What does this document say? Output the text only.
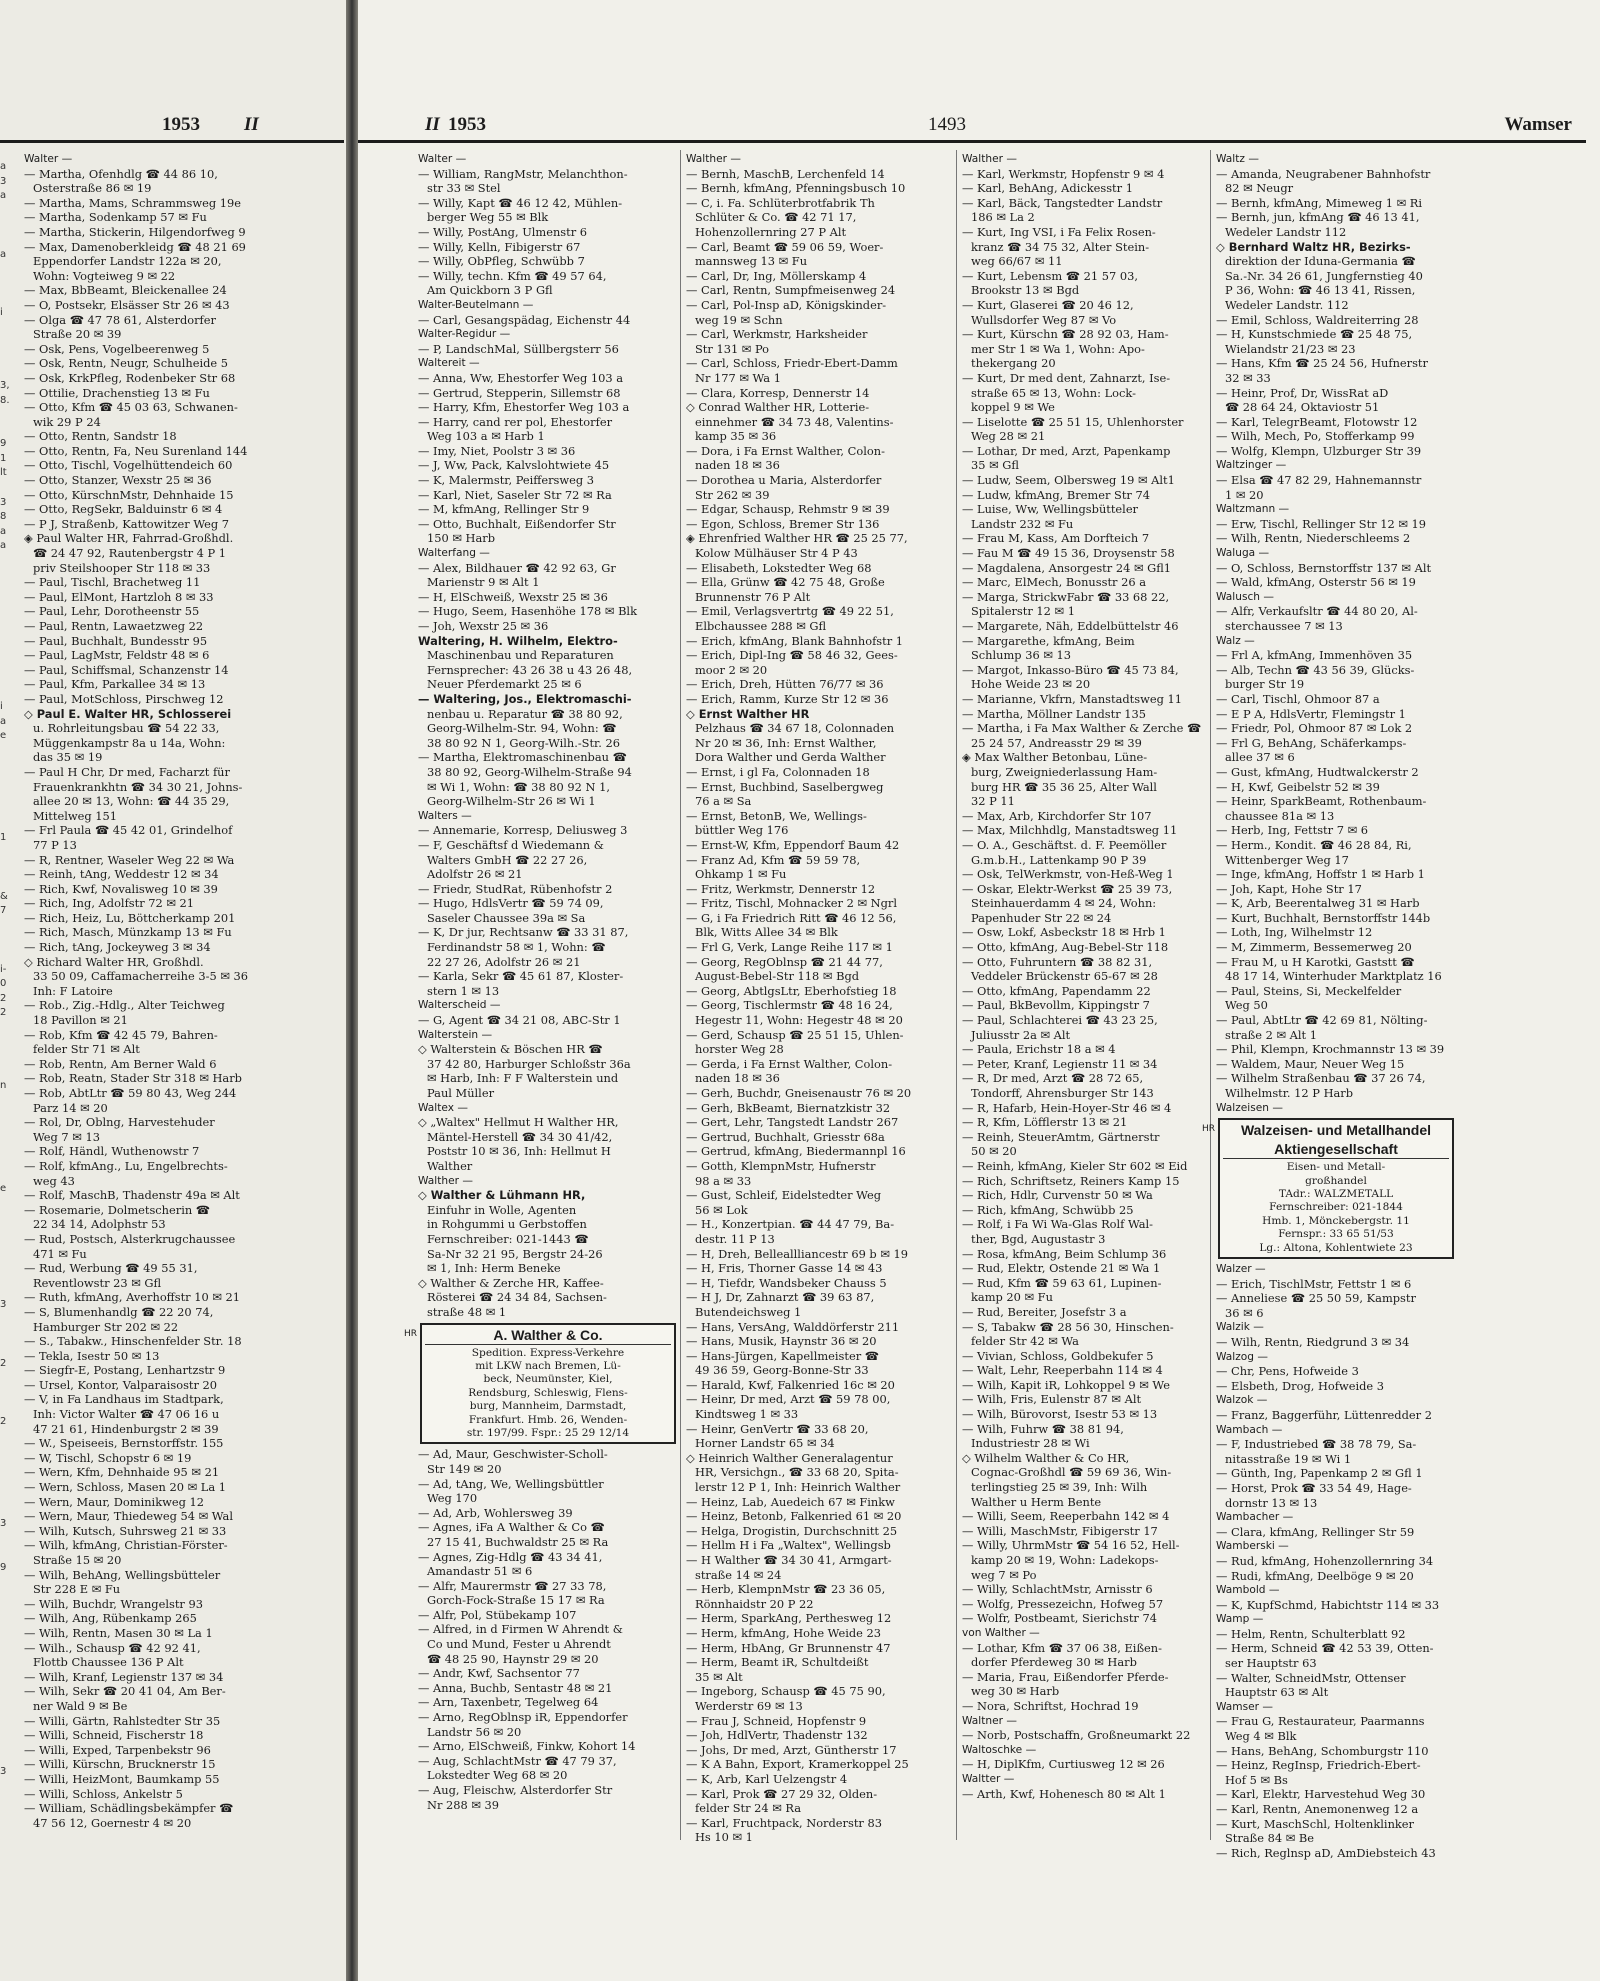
1953 II
a
3
a

a

i

3,
8.

9
1
lt

3
8
a
a

i
a
e

1

&
7

i-
0
2
2

n

e

3

2

2

3

9

3
Walter —
— Martha, Ofenhdlg ☎ 44 86 10,
Osterstraße 86 ✉ 19
— Martha, Mams, Schrammsweg 19e
— Martha, Sodenkamp 57 ✉ Fu
— Martha, Stickerin, Hilgendorfweg 9
— Max, Damenoberkleidg ☎ 48 21 69
Eppendorfer Landstr 122a ✉ 20,
Wohn: Vogteiweg 9 ✉ 22
— Max, BbBeamt, Bleickenallee 24
— O, Postsekr, Elsässer Str 26 ✉ 43
— Olga ☎ 47 78 61, Alsterdorfer
Straße 20 ✉ 39
— Osk, Pens, Vogelbeerenweg 5
— Osk, Rentn, Neugr, Schulheide 5
— Osk, KrkPfleg, Rodenbeker Str 68
— Ottilie, Drachenstieg 13 ✉ Fu
— Otto, Kfm ☎ 45 03 63, Schwanen-
wik 29 P 24
— Otto, Rentn, Sandstr 18
— Otto, Rentn, Fa, Neu Surenland 144
— Otto, Tischl, Vogelhüttendeich 60
— Otto, Stanzer, Wexstr 25 ✉ 36
— Otto, KürschnMstr, Dehnhaide 15
— Otto, RegSekr, Balduinstr 6 ✉ 4
— P J, Straßenb, Kattowitzer Weg 7
◈ Paul Walter HR, Fahrrad-Großhdl.
☎ 24 47 92, Rautenbergstr 4 P 1
priv Steilshooper Str 118 ✉ 33
— Paul, Tischl, Brachetweg 11
— Paul, ElMont, Hartzloh 8 ✉ 33
— Paul, Lehr, Dorotheenstr 55
— Paul, Rentn, Lawaetzweg 22
— Paul, Buchhalt, Bundesstr 95
— Paul, LagMstr, Feldstr 48 ✉ 6
— Paul, Schiffsmal, Schanzenstr 14
— Paul, Kfm, Parkallee 34 ✉ 13
— Paul, MotSchloss, Pirschweg 12
◇ Paul E. Walter HR, Schlosserei
u. Rohrleitungsbau ☎ 54 22 33,
Müggenkampstr 8a u 14a, Wohn:
das 35 ✉ 19
— Paul H Chr, Dr med, Facharzt für
Frauenkrankhtn ☎ 34 30 21, Johns-
allee 20 ✉ 13, Wohn: ☎ 44 35 29,
Mittelweg 151
— Frl Paula ☎ 45 42 01, Grindelhof
77 P 13
— R, Rentner, Waseler Weg 22 ✉ Wa
— Reinh, tAng, Weddestr 12 ✉ 34
— Rich, Kwf, Novalisweg 10 ✉ 39
— Rich, Ing, Adolfstr 72 ✉ 21
— Rich, Heiz, Lu, Böttcherkamp 201
— Rich, Masch, Münzkamp 13 ✉ Fu
— Rich, tAng, Jockeyweg 3 ✉ 34
◇ Richard Walter HR, Großhdl.
33 50 09, Caffamacherreihe 3-5 ✉ 36
Inh: F Latoire
— Rob., Zig.-Hdlg., Alter Teichweg
18 Pavillon ✉ 21
— Rob, Kfm ☎ 42 45 79, Bahren-
felder Str 71 ✉ Alt
— Rob, Rentn, Am Berner Wald 6
— Rob, Reatn, Stader Str 318 ✉ Harb
— Rob, AbtLtr ☎ 59 80 43, Weg 244
Parz 14 ✉ 20
— Rol, Dr, Oblng, Harvestehuder
Weg 7 ✉ 13
— Rolf, Händl, Wuthenowstr 7
— Rolf, kfmAng., Lu, Engelbrechts-
weg 43
— Rolf, MaschB, Thadenstr 49a ✉ Alt
— Rosemarie, Dolmetscherin ☎
22 34 14, Adolphstr 53
— Rud, Postsch, Alsterkrugchaussee
471 ✉ Fu
— Rud, Werbung ☎ 49 55 31,
Reventlowstr 23 ✉ Gfl
— Ruth, kfmAng, Averhoffstr 10 ✉ 21
— S, Blumenhandlg ☎ 22 20 74,
Hamburger Str 202 ✉ 22
— S., Tabakw., Hinschenfelder Str. 18
— Tekla, Isestr 50 ✉ 13
— Siegfr-E, Postang, Lenhartzstr 9
— Ursel, Kontor, Valparaisostr 20
— V, in Fa Landhaus im Stadtpark,
Inh: Victor Walter ☎ 47 06 16 u
47 21 61, Hindenburgstr 2 ✉ 39
— W., Speiseeis, Bernstorffstr. 155
— W, Tischl, Schopstr 6 ✉ 19
— Wern, Kfm, Dehnhaide 95 ✉ 21
— Wern, Schloss, Masen 20 ✉ La 1
— Wern, Maur, Dominikweg 12
— Wern, Maur, Thiedeweg 54 ✉ Wal
— Wilh, Kutsch, Suhrsweg 21 ✉ 33
— Wilh, kfmAng, Christian-Förster-
Straße 15 ✉ 20
— Wilh, BehAng, Wellingsbütteler
Str 228 E ✉ Fu
— Wilh, Buchdr, Wrangelstr 93
— Wilh, Ang, Rübenkamp 265
— Wilh, Rentn, Masen 30 ✉ La 1
— Wilh., Schausp ☎ 42 92 41,
Flottb Chaussee 136 P Alt
— Wilh, Kranf, Legienstr 137 ✉ 34
— Wilh, Sekr ☎ 20 41 04, Am Ber-
ner Wald 9 ✉ Be
— Willi, Gärtn, Rahlstedter Str 35
— Willi, Schneid, Fischerstr 18
— Willi, Exped, Tarpenbekstr 96
— Willi, Kürschn, Brucknerstr 15
— Willi, HeizMont, Baumkamp 55
— Willi, Schloss, Ankelstr 5
— William, Schädlingsbekämpfer ☎
47 56 12, Goernestr 4 ✉ 20
II 1953	1493	Wamser
Walter —
— William, RangMstr, Melanchthon-
str 33 ✉ Stel
— Willy, Kapt ☎ 46 12 42, Mühlen-
berger Weg 55 ✉ Blk
— Willy, PostAng, Ulmenstr 6
— Willy, Kelln, Fibigerstr 67
— Willy, ObPfleg, Schwübb 7
— Willy, techn. Kfm ☎ 49 57 64,
Am Quickborn 3 P Gfl
Walter-Beutelmann —
— Carl, Gesangspädag, Eichenstr 44
Walter-Regidur —
— P, LandschMal, Süllbergsterr 56
Waltereit —
— Anna, Ww, Ehestorfer Weg 103 a
— Gertrud, Stepperin, Sillemstr 68
— Harry, Kfm, Ehestorfer Weg 103 a
— Harry, cand rer pol, Ehestorfer
Weg 103 a ✉ Harb 1
— Imy, Niet, Poolstr 3 ✉ 36
— J, Ww, Pack, Kalvslohtwiete 45
— K, Malermstr, Peiffersweg 3
— Karl, Niet, Saseler Str 72 ✉ Ra
— M, kfmAng, Rellinger Str 9
— Otto, Buchhalt, Eißendorfer Str
150 ✉ Harb
Walterfang —
— Alex, Bildhauer ☎ 42 92 63, Gr
Marienstr 9 ✉ Alt 1
— H, ElSchweiß, Wexstr 25 ✉ 36
— Hugo, Seem, Hasenhöhe 178 ✉ Blk
— Joh, Wexstr 25 ✉ 36
Waltering, H. Wilhelm, Elektro-
Maschinenbau und Reparaturen
Fernsprecher: 43 26 38 u 43 26 48,
Neuer Pferdemarkt 25 ✉ 6
— Waltering, Jos., Elektromaschi-
nenbau u. Reparatur ☎ 38 80 92,
Georg-Wilhelm-Str. 94, Wohn: ☎
38 80 92 N 1, Georg-Wilh.-Str. 26
— Martha, Elektromaschinenbau ☎
38 80 92, Georg-Wilhelm-Straße 94
✉ Wi 1, Wohn: ☎ 38 80 92 N 1,
Georg-Wilhelm-Str 26 ✉ Wi 1
Walters —
— Annemarie, Korresp, Deliusweg 3
— F, Geschäftsf d Wiedemann &
Walters GmbH ☎ 22 27 26,
Adolfstr 26 ✉ 21
— Friedr, StudRat, Rübenhofstr 2
— Hugo, HdlsVertr ☎ 59 74 09,
Saseler Chaussee 39a ✉ Sa
— K, Dr jur, Rechtsanw ☎ 33 31 87,
Ferdinandstr 58 ✉ 1, Wohn: ☎
22 27 26, Adolfstr 26 ✉ 21
— Karla, Sekr ☎ 45 61 87, Kloster-
stern 1 ✉ 13
Walterscheid —
— G, Agent ☎ 34 21 08, ABC-Str 1
Walterstein —
◇ Walterstein & Böschen HR ☎
37 42 80, Harburger Schloßstr 36a
✉ Harb, Inh: F F Walterstein und
Paul Müller
Waltex —
◇ „Waltex" Hellmut H Walther HR,
Mäntel-Herstell ☎ 34 30 41/42,
Poststr 10 ✉ 36, Inh: Hellmut H
Walther
Walther —
◇ Walther & Lühmann HR,
Einfuhr in Wolle, Agenten
in Rohgummi u Gerbstoffen
Fernschreiber: 021-1443 ☎
Sa-Nr 32 21 95, Bergstr 24-26
✉ 1, Inh: Herm Beneke
◇ Walther & Zerche HR, Kaffee-
Rösterei ☎ 24 34 84, Sachsen-
straße 48 ✉ 1
HR	A. Walther & Co.
Spedition. Express-Verkehre
mit LKW nach Bremen, Lü-
beck, Neumünster, Kiel,
Rendsburg, Schleswig, Flens-
burg, Mannheim, Darmstadt,
Frankfurt. Hmb. 26, Wenden-
str. 197/99. Fspr.: 25 29 12/14
— Ad, Maur, Geschwister-Scholl-
Str 149 ✉ 20
— Ad, tAng, We, Wellingsbüttler
Weg 170
— Ad, Arb, Wohlersweg 39
— Agnes, iFa A Walther & Co ☎
27 15 41, Buchwaldstr 25 ✉ Ra
— Agnes, Zig-Hdlg ☎ 43 34 41,
Amandastr 51 ✉ 6
— Alfr, Maurermstr ☎ 27 33 78,
Gorch-Fock-Straße 15 17 ✉ Ra
— Alfr, Pol, Stübekamp 107
— Alfred, in d Firmen W Ahrendt &
Co und Mund, Fester u Ahrendt
☎ 48 25 90, Haynstr 29 ✉ 20
— Andr, Kwf, Sachsentor 77
— Anna, Buchb, Sentastr 48 ✉ 21
— Arn, Taxenbetr, Tegelweg 64
— Arno, RegOblnsp iR, Eppendorfer
Landstr 56 ✉ 20
— Arno, ElSchweiß, Finkw, Kohort 14
— Aug, SchlachtMstr ☎ 47 79 37,
Lokstedter Weg 68 ✉ 20
— Aug, Fleischw, Alsterdorfer Str
Nr 288 ✉ 39
Walther —
— Bernh, MaschB, Lerchenfeld 14
— Bernh, kfmAng, Pfenningsbusch 10
— C, i. Fa. Schlüterbrotfabrik Th
Schlüter & Co. ☎ 42 71 17,
Hohenzollernring 27 P Alt
— Carl, Beamt ☎ 59 06 59, Woer-
mannsweg 13 ✉ Fu
— Carl, Dr, Ing, Möllerskamp 4
— Carl, Rentn, Sumpfmeisenweg 24
— Carl, Pol-Insp aD, Königskinder-
weg 19 ✉ Schn
— Carl, Werkmstr, Harksheider
Str 131 ✉ Po
— Carl, Schloss, Friedr-Ebert-Damm
Nr 177 ✉ Wa 1
— Clara, Korresp, Dennerstr 14
◇ Conrad Walther HR, Lotterie-
einnehmer ☎ 34 73 48, Valentins-
kamp 35 ✉ 36
— Dora, i Fa Ernst Walther, Colon-
naden 18 ✉ 36
— Dorothea u Maria, Alsterdorfer
Str 262 ✉ 39
— Edgar, Schausp, Rehmstr 9 ✉ 39
— Egon, Schloss, Bremer Str 136
◈ Ehrenfried Walther HR ☎ 25 25 77,
Kolow Mülhäuser Str 4 P 43
— Elisabeth, Lokstedter Weg 68
— Ella, Grünw ☎ 42 75 48, Große
Brunnenstr 76 P Alt
— Emil, Verlagsvertrtg ☎ 49 22 51,
Elbchaussee 288 ✉ Gfl
— Erich, kfmAng, Blank Bahnhofstr 1
— Erich, Dipl-Ing ☎ 58 46 32, Gees-
moor 2 ✉ 20
— Erich, Dreh, Hütten 76/77 ✉ 36
— Erich, Ramm, Kurze Str 12 ✉ 36
◇ Ernst Walther HR
Pelzhaus ☎ 34 67 18, Colonnaden
Nr 20 ✉ 36, Inh: Ernst Walther,
Dora Walther und Gerda Walther
— Ernst, i gl Fa, Colonnaden 18
— Ernst, Buchbind, Saselbergweg
76 a ✉ Sa
— Ernst, BetonB, We, Wellings-
büttler Weg 176
— Ernst-W, Kfm, Eppendorf Baum 42
— Franz Ad, Kfm ☎ 59 59 78,
Ohkamp 1 ✉ Fu
— Fritz, Werkmstr, Dennerstr 12
— Fritz, Tischl, Mohnacker 2 ✉ Ngrl
— G, i Fa Friedrich Ritt ☎ 46 12 56,
Blk, Witts Allee 34 ✉ Blk
— Frl G, Verk, Lange Reihe 117 ✉ 1
— Georg, RegOblnsp ☎ 21 44 77,
August-Bebel-Str 118 ✉ Bgd
— Georg, AbtlgsLtr, Eberhofstieg 18
— Georg, Tischlermstr ☎ 48 16 24,
Hegestr 11, Wohn: Hegestr 48 ✉ 20
— Gerd, Schausp ☎ 25 51 15, Uhlen-
horster Weg 28
— Gerda, i Fa Ernst Walther, Colon-
naden 18 ✉ 36
— Gerh, Buchdr, Gneisenaustr 76 ✉ 20
— Gerh, BkBeamt, Biernatzkistr 32
— Gert, Lehr, Tangstedt Landstr 267
— Gertrud, Buchhalt, Griesstr 68a
— Gertrud, kfmAng, Biedermannpl 16
— Gotth, KlempnMstr, Hufnerstr
98 a ✉ 33
— Gust, Schleif, Eidelstedter Weg
56 ✉ Lok
— H., Konzertpian. ☎ 44 47 79, Ba-
destr. 11 P 13
— H, Dreh, Belleallliancestr 69 b ✉ 19
— H, Fris, Thorner Gasse 14 ✉ 43
— H, Tiefdr, Wandsbeker Chauss 5
— H J, Dr, Zahnarzt ☎ 39 63 87,
Butendeichsweg 1
— Hans, VersAng, Walddörferstr 211
— Hans, Musik, Haynstr 36 ✉ 20
— Hans-Jürgen, Kapellmeister ☎
49 36 59, Georg-Bonne-Str 33
— Harald, Kwf, Falkenried 16c ✉ 20
— Heinr, Dr med, Arzt ☎ 59 78 00,
Kindtsweg 1 ✉ 33
— Heinr, GenVertr ☎ 33 68 20,
Horner Landstr 65 ✉ 34
◇ Heinrich Walther Generalagentur
HR, Versichgn., ☎ 33 68 20, Spita-
lerstr 12 P 1, Inh: Heinrich Walther
— Heinz, Lab, Auedeich 67 ✉ Finkw
— Heinz, Betonb, Falkenried 61 ✉ 20
— Helga, Drogistin, Durchschnitt 25
— Hellm H i Fa „Waltex", Wellingsb
— H Walther ☎ 34 30 41, Armgart-
straße 14 ✉ 24
— Herb, KlempnMstr ☎ 23 36 05,
Rönnhaidstr 20 P 22
— Herm, SparkAng, Perthesweg 12
— Herm, kfmAng, Hohe Weide 23
— Herm, HbAng, Gr Brunnenstr 47
— Herm, Beamt iR, Schultdeißt
35 ✉ Alt
— Ingeborg, Schausp ☎ 45 75 90,
Werderstr 69 ✉ 13
— Frau J, Schneid, Hopfenstr 9
— Joh, HdlVertr, Thadenstr 132
— Johs, Dr med, Arzt, Güntherstr 17
— K A Bahn, Export, Kramerkoppel 25
— K, Arb, Karl Uelzengstr 4
— Karl, Prok ☎ 27 29 32, Olden-
felder Str 24 ✉ Ra
— Karl, Fruchtpack, Norderstr 83
Hs 10 ✉ 1
Walther —
— Karl, Werkmstr, Hopfenstr 9 ✉ 4
— Karl, BehAng, Adickesstr 1
— Karl, Bäck, Tangstedter Landstr
186 ✉ La 2
— Kurt, Ing VSI, i Fa Felix Rosen-
kranz ☎ 34 75 32, Alter Stein-
weg 66/67 ✉ 11
— Kurt, Lebensm ☎ 21 57 03,
Brookstr 13 ✉ Bgd
— Kurt, Glaserei ☎ 20 46 12,
Wullsdorfer Weg 87 ✉ Vo
— Kurt, Kürschn ☎ 28 92 03, Ham-
mer Str 1 ✉ Wa 1, Wohn: Apo-
thekergang 20
— Kurt, Dr med dent, Zahnarzt, Ise-
straße 65 ✉ 13, Wohn: Lock-
koppel 9 ✉ We
— Liselotte ☎ 25 51 15, Uhlenhorster
Weg 28 ✉ 21
— Lothar, Dr med, Arzt, Papenkamp
35 ✉ Gfl
— Ludw, Seem, Olbersweg 19 ✉ Alt1
— Ludw, kfmAng, Bremer Str 74
— Luise, Ww, Wellingsbütteler
Landstr 232 ✉ Fu
— Frau M, Kass, Am Dorfteich 7
— Fau M ☎ 49 15 36, Droysenstr 58
— Magdalena, Ansorgestr 24 ✉ Gfl1
— Marc, ElMech, Bonusstr 26 a
— Marga, StrickwFabr ☎ 33 68 22,
Spitalerstr 12 ✉ 1
— Margarete, Näh, Eddelbüttelstr 46
— Margarethe, kfmAng, Beim
Schlump 36 ✉ 13
— Margot, Inkasso-Büro ☎ 45 73 84,
Hohe Weide 23 ✉ 20
— Marianne, Vkfrn, Manstadtsweg 11
— Martha, Möllner Landstr 135
— Martha, i Fa Max Walther & Zerche ☎
25 24 57, Andreasstr 29 ✉ 39
◈ Max Walther Betonbau, Lüne-
burg, Zweigniederlassung Ham-
burg HR ☎ 35 36 25, Alter Wall
32 P 11
— Max, Arb, Kirchdorfer Str 107
— Max, Milchhdlg, Manstadtsweg 11
— O. A., Geschäftst. d. F. Peemöller
G.m.b.H., Lattenkamp 90 P 39
— Osk, TelWerkmstr, von-Heß-Weg 1
— Oskar, Elektr-Werkst ☎ 25 39 73,
Steinhauerdamm 4 ✉ 24, Wohn:
Papenhuder Str 22 ✉ 24
— Osw, Lokf, Asbeckstr 18 ✉ Hrb 1
— Otto, kfmAng, Aug-Bebel-Str 118
— Otto, Fuhruntern ☎ 38 82 31,
Veddeler Brückenstr 65-67 ✉ 28
— Otto, kfmAng, Papendamm 22
— Paul, BkBevollm, Kippingstr 7
— Paul, Schlachterei ☎ 43 23 25,
Juliusstr 2a ✉ Alt
— Paula, Erichstr 18 a ✉ 4
— Peter, Kranf, Legienstr 11 ✉ 34
— R, Dr med, Arzt ☎ 28 72 65,
Tondorff, Ahrensburger Str 143
— R, Hafarb, Hein-Hoyer-Str 46 ✉ 4
— R, Kfm, Löfflerstr 13 ✉ 21
— Reinh, SteuerAmtm, Gärtnerstr
50 ✉ 20
— Reinh, kfmAng, Kieler Str 602 ✉ Eid
— Rich, Schriftsetz, Reiners Kamp 15
— Rich, Hdlr, Curvenstr 50 ✉ Wa
— Rich, kfmAng, Schwübb 25
— Rolf, i Fa Wi Wa-Glas Rolf Wal-
ther, Bgd, Augustastr 3
— Rosa, kfmAng, Beim Schlump 36
— Rud, Elektr, Ostende 21 ✉ Wa 1
— Rud, Kfm ☎ 59 63 61, Lupinen-
kamp 20 ✉ Fu
— Rud, Bereiter, Josefstr 3 a
— S, Tabakw ☎ 28 56 30, Hinschen-
felder Str 42 ✉ Wa
— Vivian, Schloss, Goldbekufer 5
— Walt, Lehr, Reeperbahn 114 ✉ 4
— Wilh, Kapit iR, Lohkoppel 9 ✉ We
— Wilh, Fris, Eulenstr 87 ✉ Alt
— Wilh, Bürovorst, Isestr 53 ✉ 13
— Wilh, Fuhrw ☎ 38 81 94,
Industriestr 28 ✉ Wi
◇ Wilhelm Walther & Co HR,
Cognac-Großhdl ☎ 59 69 36, Win-
terlingstieg 25 ✉ 39, Inh: Wilh
Walther u Herm Bente
— Willi, Seem, Reeperbahn 142 ✉ 4
— Willi, MaschMstr, Fibigerstr 17
— Willy, UhrmMstr ☎ 54 16 52, Hell-
kamp 20 ✉ 19, Wohn: Ladekops-
weg 7 ✉ Po
— Willy, SchlachtMstr, Arnisstr 6
— Wolfg, Pressezeichn, Hofweg 57
— Wolfr, Postbeamt, Sierichstr 74
von Walther —
— Lothar, Kfm ☎ 37 06 38, Eißen-
dorfer Pferdeweg 30 ✉ Harb
— Maria, Frau, Eißendorfer Pferde-
weg 30 ✉ Harb
— Nora, Schriftst, Hochrad 19
Waltner —
— Norb, Postschaffn, Großneumarkt 22
Waltoschke —
— H, DiplKfm, Curtiusweg 12 ✉ 26
Waltter —
— Arth, Kwf, Hohenesch 80 ✉ Alt 1
Waltz —
— Amanda, Neugrabener Bahnhofstr
82 ✉ Neugr
— Bernh, kfmAng, Mimeweg 1 ✉ Ri
— Bernh, jun, kfmAng ☎ 46 13 41,
Wedeler Landstr 112
◇ Bernhard Waltz HR, Bezirks-
direktion der Iduna-Germania ☎
Sa.-Nr. 34 26 61, Jungfernstieg 40
P 36, Wohn: ☎ 46 13 41, Rissen,
Wedeler Landstr. 112
— Emil, Schloss, Waldreiterring 28
— H, Kunstschmiede ☎ 25 48 75,
Wielandstr 21/23 ✉ 23
— Hans, Kfm ☎ 25 24 56, Hufnerstr
32 ✉ 33
— Heinr, Prof, Dr, WissRat aD
☎ 28 64 24, Oktaviostr 51
— Karl, TelegrBeamt, Flotowstr 12
— Wilh, Mech, Po, Stofferkamp 99
— Wolfg, Klempn, Ulzburger Str 39
Waltzinger —
— Elsa ☎ 47 82 29, Hahnemannstr
1 ✉ 20
Waltzmann —
— Erw, Tischl, Rellinger Str 12 ✉ 19
— Wilh, Rentn, Niederschleems 2
Waluga —
— O, Schloss, Bernstorffstr 137 ✉ Alt
— Wald, kfmAng, Osterstr 56 ✉ 19
Walusch —
— Alfr, Verkaufsltr ☎ 44 80 20, Al-
sterchaussee 7 ✉ 13
Walz —
— Frl A, kfmAng, Immenhöven 35
— Alb, Techn ☎ 43 56 39, Glücks-
burger Str 19
— Carl, Tischl, Ohmoor 87 a
— E P A, HdlsVertr, Flemingstr 1
— Friedr, Pol, Ohmoor 87 ✉ Lok 2
— Frl G, BehAng, Schäferkamps-
allee 37 ✉ 6
— Gust, kfmAng, Hudtwalckerstr 2
— H, Kwf, Geibelstr 52 ✉ 39
— Heinr, SparkBeamt, Rothenbaum-
chaussee 81a ✉ 13
— Herb, Ing, Fettstr 7 ✉ 6
— Herm., Kondit. ☎ 46 28 84, Ri,
Wittenberger Weg 17
— Inge, kfmAng, Hoffstr 1 ✉ Harb 1
— Joh, Kapt, Hohe Str 17
— K, Arb, Beerentalweg 31 ✉ Harb
— Kurt, Buchhalt, Bernstorffstr 144b
— Loth, Ing, Wilhelmstr 12
— M, Zimmerm, Bessemerweg 20
— Frau M, u H Karotki, Gaststt ☎
48 17 14, Winterhuder Marktplatz 16
— Paul, Steins, Si, Meckelfelder
Weg 50
— Paul, AbtLtr ☎ 42 69 81, Nölting-
straße 2 ✉ Alt 1
— Phil, Klempn, Krochmannstr 13 ✉ 39
— Waldem, Maur, Neuer Weg 15
— Wilhelm Straßenbau ☎ 37 26 74,
Wilhelmstr. 12 P Harb
Walzeisen —
HR	Walzeisen- und Metallhandel
Aktiengesellschaft
Eisen- und Metall-
großhandel
TAdr.: WALZMETALL
Fernschreiber: 021-1844
Hmb. 1, Mönckebergstr. 11
Fernspr.: 33 65 51/53
Lg.: Altona, Kohlentwiete 23
Walzer —
— Erich, TischlMstr, Fettstr 1 ✉ 6
— Anneliese ☎ 25 50 59, Kampstr
36 ✉ 6
Walzik —
— Wilh, Rentn, Riedgrund 3 ✉ 34
Walzog —
— Chr, Pens, Hofweide 3
— Elsbeth, Drog, Hofweide 3
Walzok —
— Franz, Baggerführ, Lüttenredder 2
Wambach —
— F, Industriebed ☎ 38 78 79, Sa-
nitasstraße 19 ✉ Wi 1
— Günth, Ing, Papenkamp 2 ✉ Gfl 1
— Horst, Prok ☎ 33 54 49, Hage-
dornstr 13 ✉ 13
Wambacher —
— Clara, kfmAng, Rellinger Str 59
Wamberski —
— Rud, kfmAng, Hohenzollernring 34
— Rudi, kfmAng, Deelböge 9 ✉ 20
Wambold —
— K, KupfSchmd, Habichtstr 114 ✉ 33
Wamp —
— Helm, Rentn, Schulterblatt 92
— Herm, Schneid ☎ 42 53 39, Otten-
ser Hauptstr 63
— Walter, SchneidMstr, Ottenser
Hauptstr 63 ✉ Alt
Wamser —
— Frau G, Restaurateur, Paarmanns
Weg 4 ✉ Blk
— Hans, BehAng, Schomburgstr 110
— Heinz, RegInsp, Friedrich-Ebert-
Hof 5 ✉ Bs
— Karl, Elektr, Harvestehud Weg 30
— Karl, Rentn, Anemonenweg 12 a
— Kurt, MaschSchl, Holtenklinker
Straße 84 ✉ Be
— Rich, Reglnsp aD, AmDiebsteich 43
